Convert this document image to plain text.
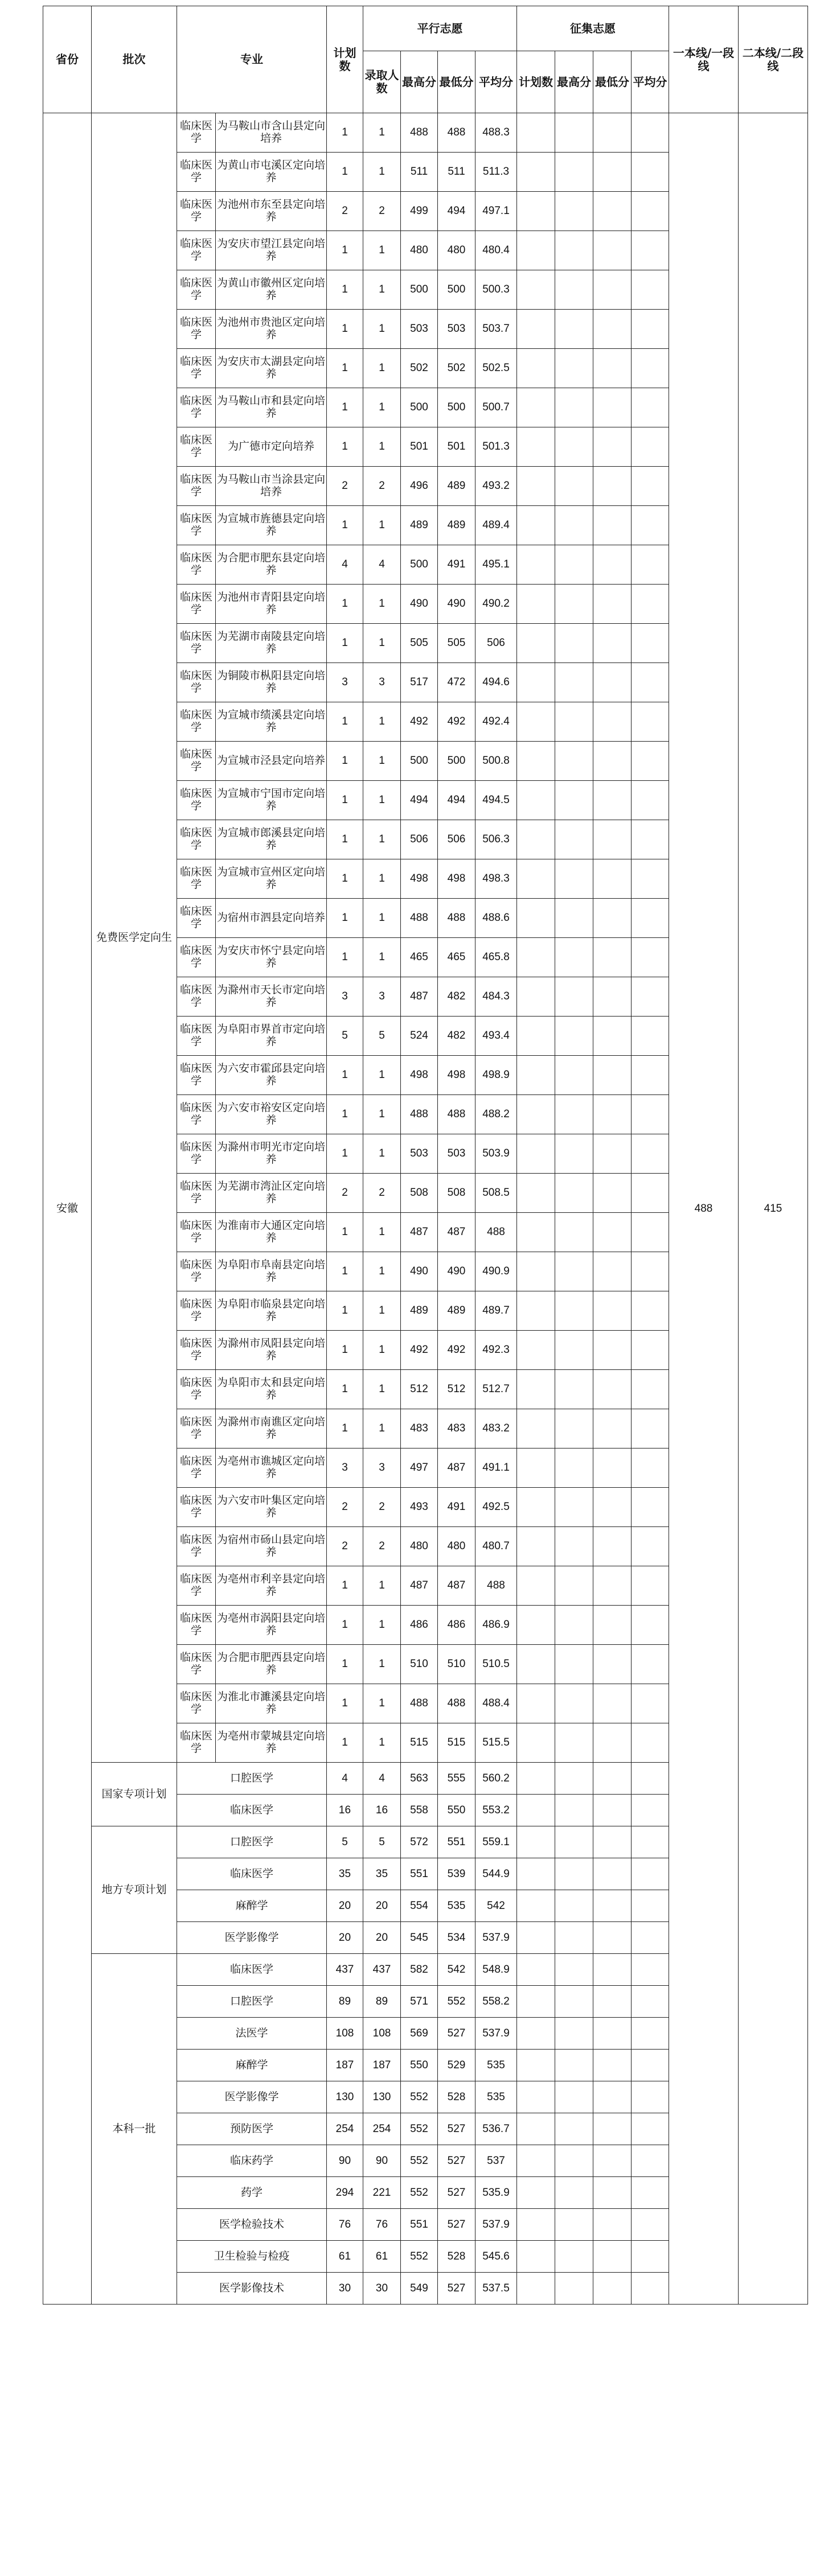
省份	批次	专业		计划数	平行志愿				征集志愿				一本线/一段线	二本线/二段线
					录取人数	最高分	最低分	平均分	计划数	最高分	最低分	平均分		
安徽	免费医学定向生	临床医学	为马鞍山市含山县定向培养	1	1	488	488	488.3					488	415
		临床医学	为黄山市屯溪区定向培养	1	1	511	511	511.3						
		临床医学	为池州市东至县定向培养	2	2	499	494	497.1						
		临床医学	为安庆市望江县定向培养	1	1	480	480	480.4						
		临床医学	为黄山市徽州区定向培养	1	1	500	500	500.3						
		临床医学	为池州市贵池区定向培养	1	1	503	503	503.7						
		临床医学	为安庆市太湖县定向培养	1	1	502	502	502.5						
		临床医学	为马鞍山市和县定向培养	1	1	500	500	500.7						
		临床医学	为广德市定向培养	1	1	501	501	501.3						
		临床医学	为马鞍山市当涂县定向培养	2	2	496	489	493.2						
		临床医学	为宣城市旌德县定向培养	1	1	489	489	489.4						
		临床医学	为合肥市肥东县定向培养	4	4	500	491	495.1						
		临床医学	为池州市青阳县定向培养	1	1	490	490	490.2						
		临床医学	为芜湖市南陵县定向培养	1	1	505	505	506						
		临床医学	为铜陵市枞阳县定向培养	3	3	517	472	494.6						
		临床医学	为宣城市绩溪县定向培养	1	1	492	492	492.4						
		临床医学	为宣城市泾县定向培养	1	1	500	500	500.8						
		临床医学	为宣城市宁国市定向培养	1	1	494	494	494.5						
		临床医学	为宣城市郎溪县定向培养	1	1	506	506	506.3						
		临床医学	为宣城市宣州区定向培养	1	1	498	498	498.3						
		临床医学	为宿州市泗县定向培养	1	1	488	488	488.6						
		临床医学	为安庆市怀宁县定向培养	1	1	465	465	465.8						
		临床医学	为滁州市天长市定向培养	3	3	487	482	484.3						
		临床医学	为阜阳市界首市定向培养	5	5	524	482	493.4						
		临床医学	为六安市霍邱县定向培养	1	1	498	498	498.9						
		临床医学	为六安市裕安区定向培养	1	1	488	488	488.2						
		临床医学	为滁州市明光市定向培养	1	1	503	503	503.9						
		临床医学	为芜湖市湾沚区定向培养	2	2	508	508	508.5						
		临床医学	为淮南市大通区定向培养	1	1	487	487	488						
		临床医学	为阜阳市阜南县定向培养	1	1	490	490	490.9						
		临床医学	为阜阳市临泉县定向培养	1	1	489	489	489.7						
		临床医学	为滁州市凤阳县定向培养	1	1	492	492	492.3						
		临床医学	为阜阳市太和县定向培养	1	1	512	512	512.7						
		临床医学	为滁州市南谯区定向培养	1	1	483	483	483.2						
		临床医学	为亳州市谯城区定向培养	3	3	497	487	491.1						
		临床医学	为六安市叶集区定向培养	2	2	493	491	492.5						
		临床医学	为宿州市砀山县定向培养	2	2	480	480	480.7						
		临床医学	为亳州市利辛县定向培养	1	1	487	487	488						
		临床医学	为亳州市涡阳县定向培养	1	1	486	486	486.9						
		临床医学	为合肥市肥西县定向培养	1	1	510	510	510.5						
		临床医学	为淮北市濉溪县定向培养	1	1	488	488	488.4						
		临床医学	为亳州市蒙城县定向培养	1	1	515	515	515.5						
	国家专项计划	口腔医学		4	4	563	555	560.2						
		临床医学		16	16	558	550	553.2						
	地方专项计划	口腔医学		5	5	572	551	559.1						
		临床医学		35	35	551	539	544.9						
		麻醉学		20	20	554	535	542						
		医学影像学		20	20	545	534	537.9						
	本科一批	临床医学		437	437	582	542	548.9						
		口腔医学		89	89	571	552	558.2						
		法医学		108	108	569	527	537.9						
		麻醉学		187	187	550	529	535						
		医学影像学		130	130	552	528	535						
		预防医学		254	254	552	527	536.7						
		临床药学		90	90	552	527	537						
		药学		294	221	552	527	535.9						
		医学检验技术		76	76	551	527	537.9						
		卫生检验与检疫		61	61	552	528	545.6						
		医学影像技术		30	30	549	527	537.5						
